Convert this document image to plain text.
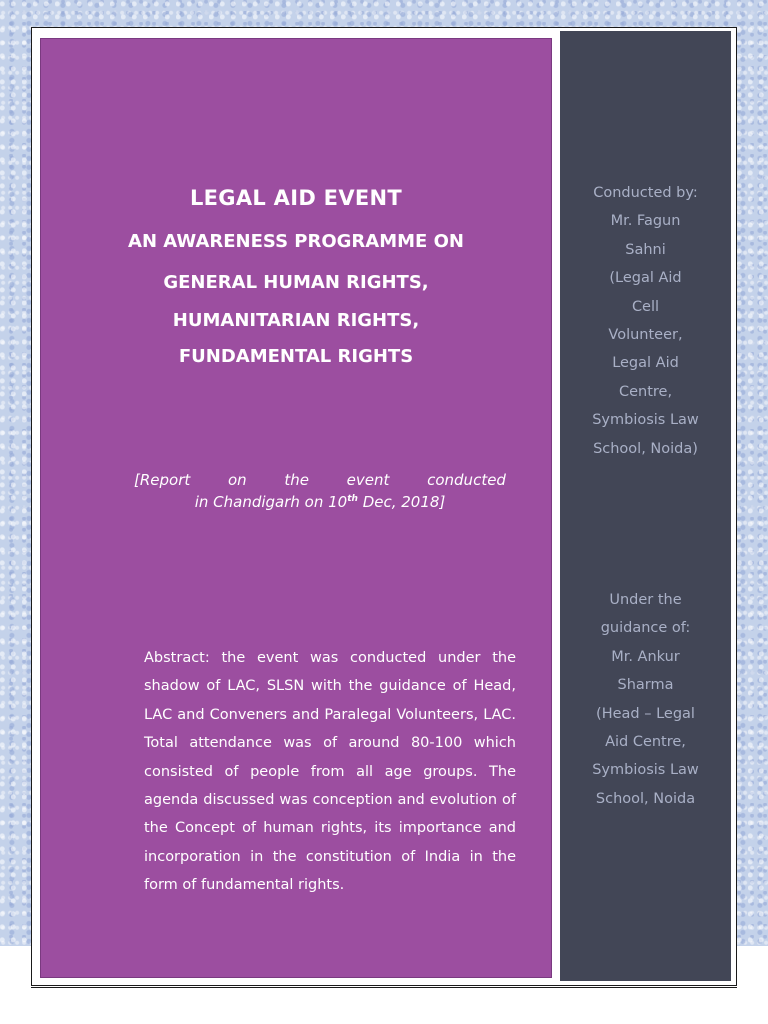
LEGAL AID EVENT
AN AWARENESS PROGRAMME ON
GENERAL HUMAN RIGHTS,
HUMANITARIAN RIGHTS,
FUNDAMENTAL RIGHTS
[Report	on	the	event	conducted
in Chandigarh on 10th Dec, 2018]
Abstract: the event was conducted under the shadow of LAC, SLSN with the guidance of Head, LAC and Conveners and Paralegal Volunteers, LAC. Total attendance was of around 80-100 which consisted of people from all age groups. The agenda discussed was conception and evolution of the Concept of human rights, its importance and incorporation in the constitution of India in the form of fundamental rights.
Conducted by:
Mr. Fagun
Sahni
(Legal Aid
Cell
Volunteer,
Legal Aid
Centre,
Symbiosis Law
School, Noida)
Under the
guidance of:
Mr. Ankur
Sharma
(Head – Legal
Aid Centre,
Symbiosis Law
School, Noida
